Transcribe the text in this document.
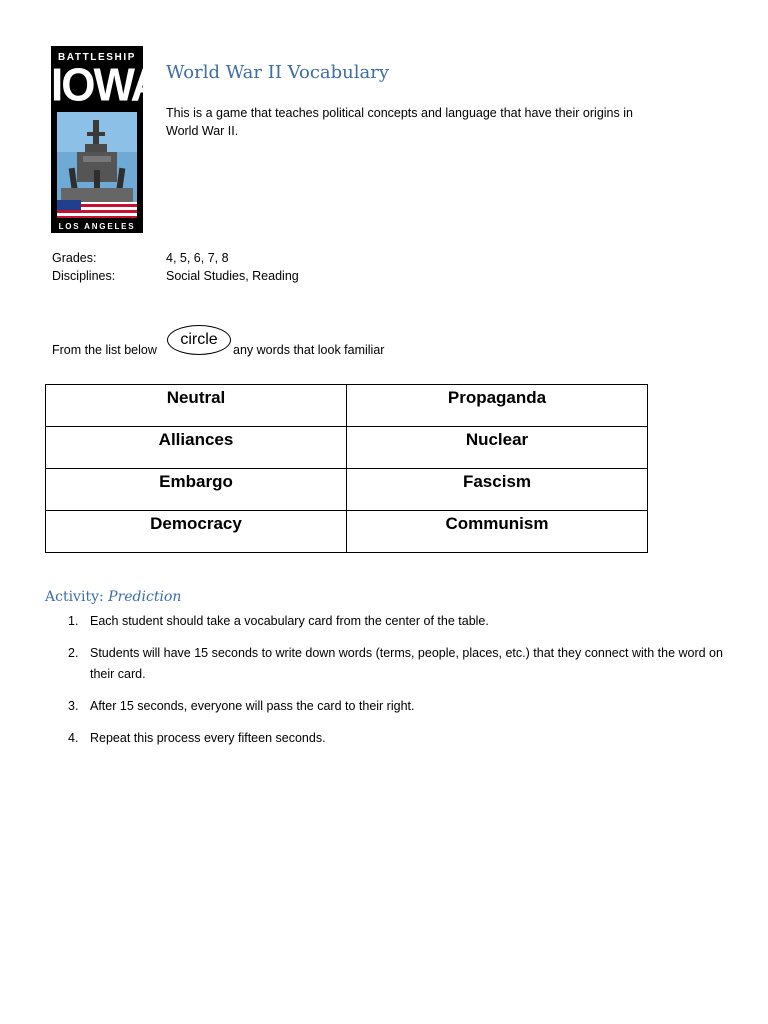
BATTLESHIP
IOWA
LOS ANGELES
World War II Vocabulary
This is a game that teaches political concepts and language that have their origins in World War II.
Grades:	4, 5, 6, 7, 8
Disciplines:	Social Studies, Reading
From the list below
circle
any words that look familiar
Neutral	Propaganda
Alliances	Nuclear
Embargo	Fascism
Democracy	Communism
Activity: Prediction
1. Each student should take a vocabulary card from the center of the table.
2. Students will have 15 seconds to write down words (terms, people, places, etc.) that they connect with the word on their card.
3. After 15 seconds, everyone will pass the card to their right.
4. Repeat this process every fifteen seconds.
